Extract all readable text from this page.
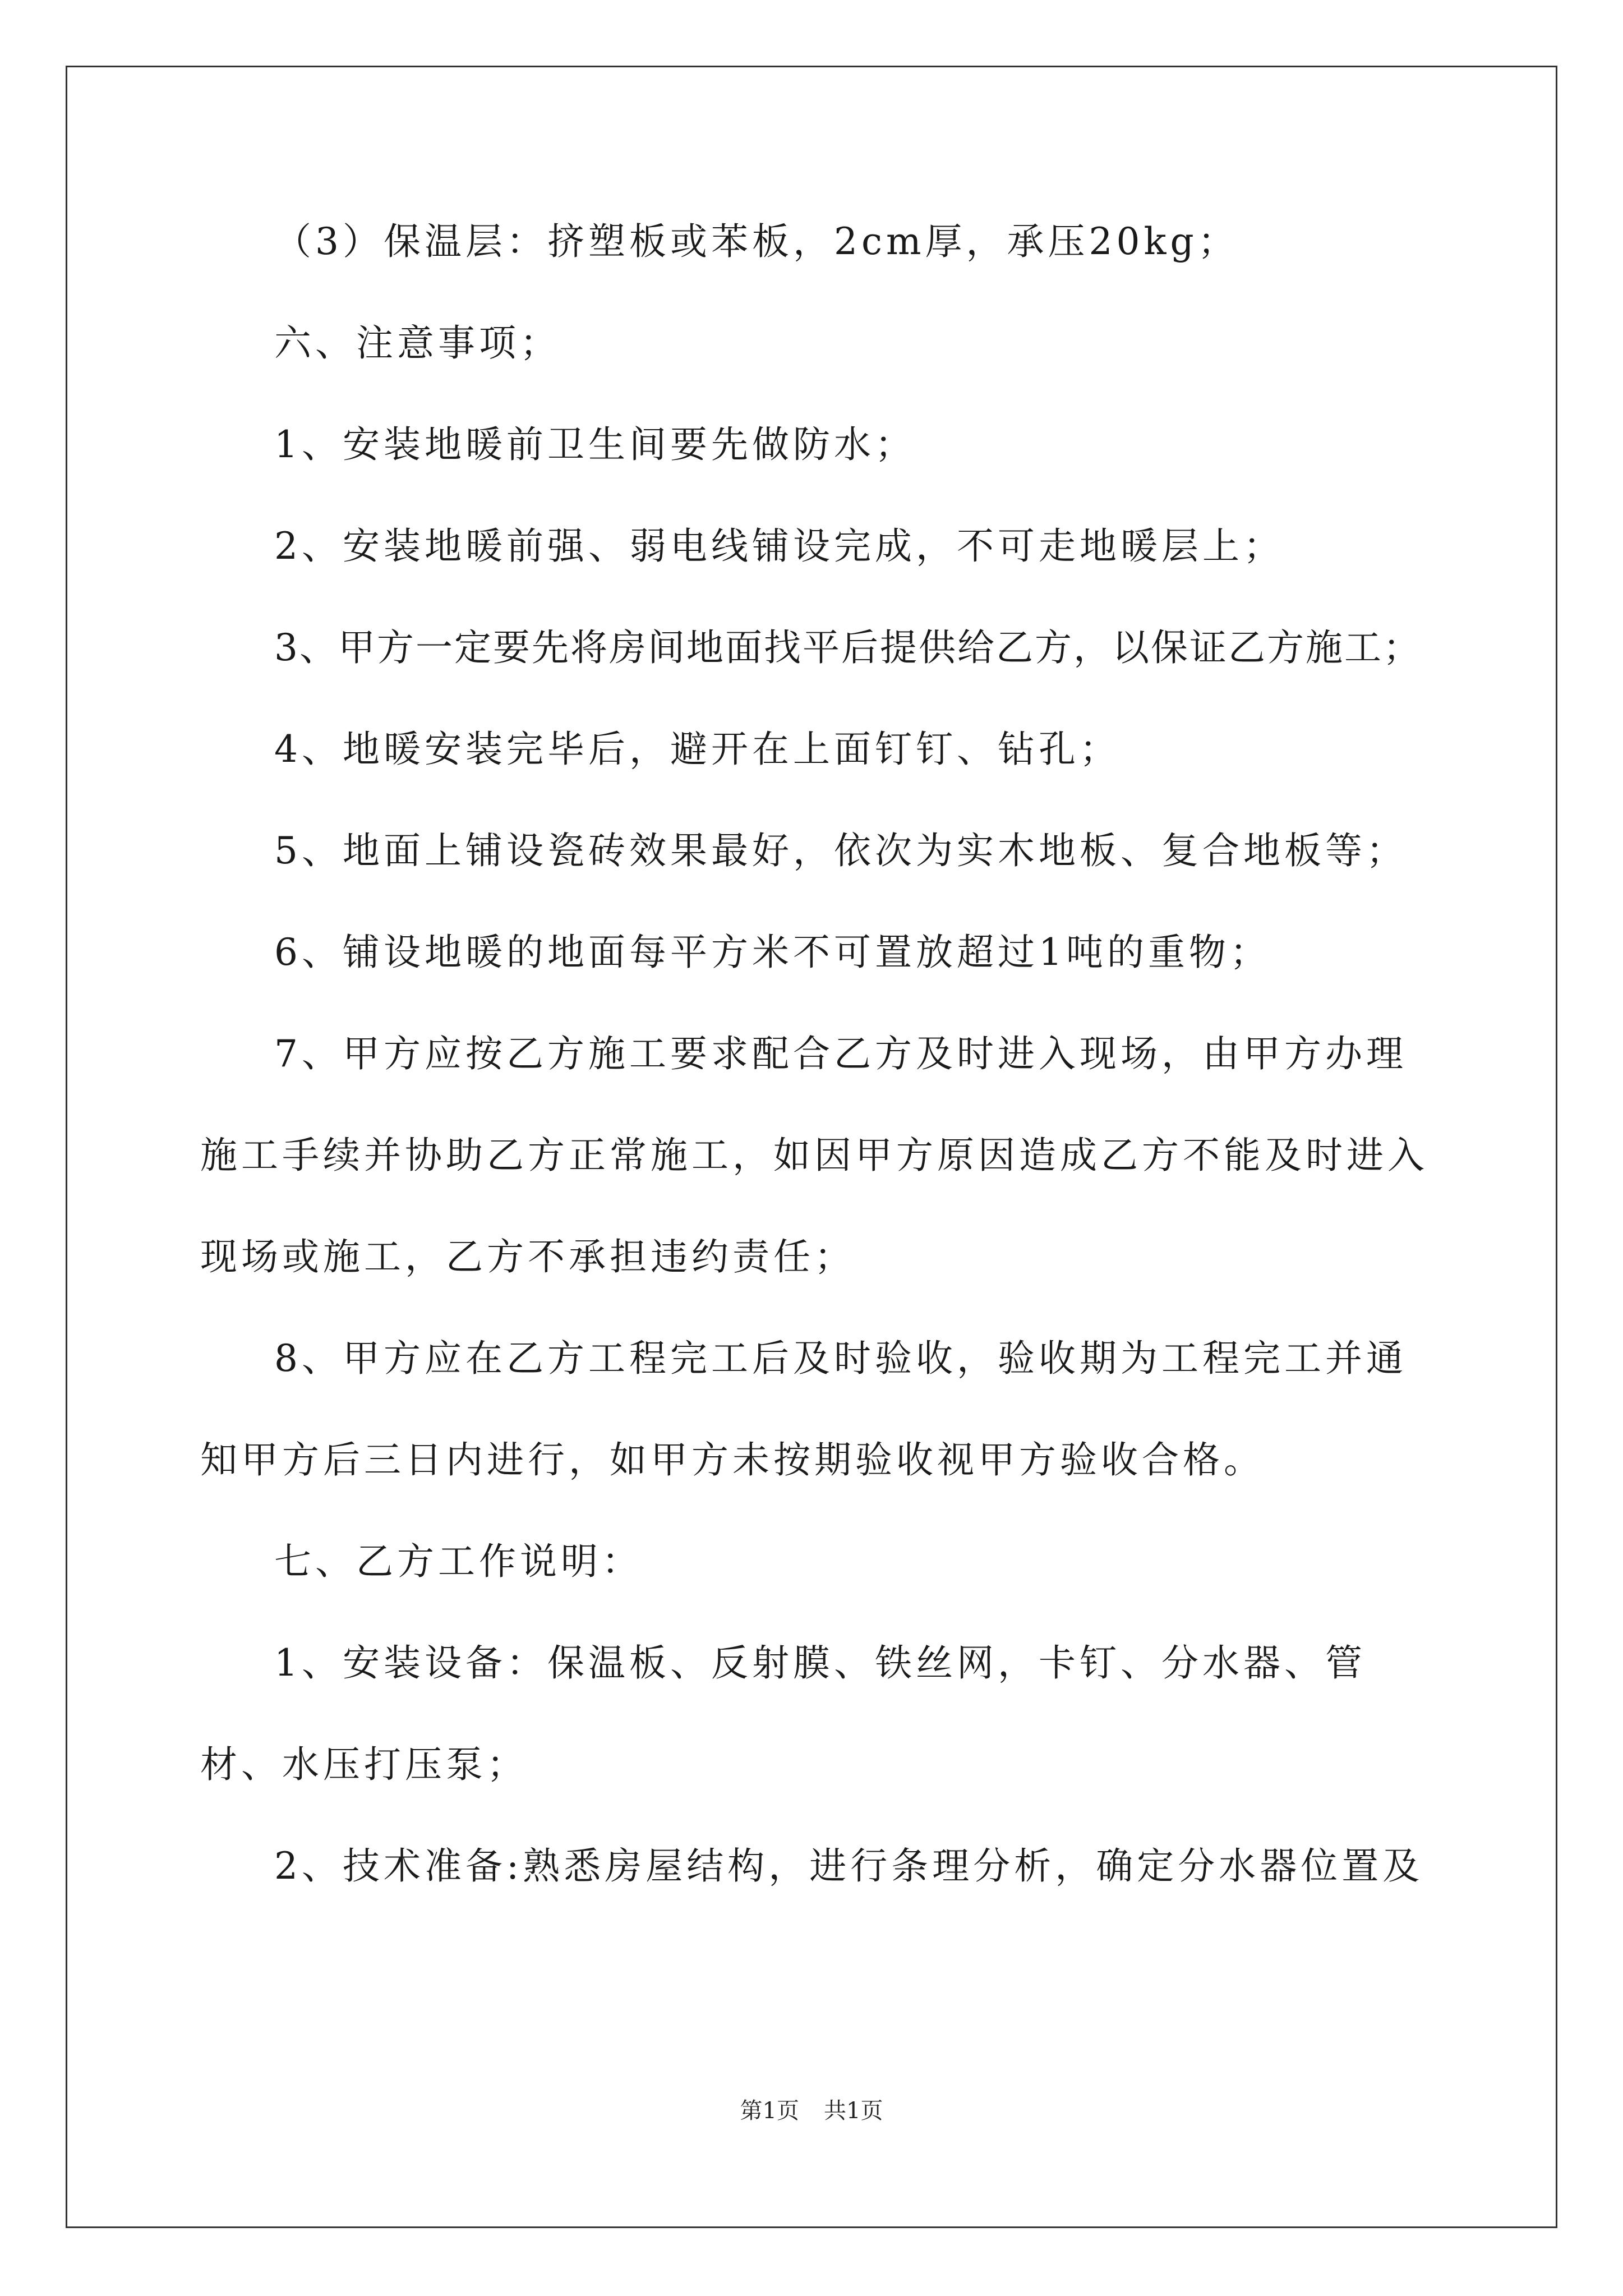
（3）保温层：挤塑板或苯板，2cm厚，承压20kg；

六、注意事项；

1、安装地暖前卫生间要先做防水；

2、安装地暖前强、弱电线铺设完成，不可走地暖层上；

3、甲方一定要先将房间地面找平后提供给乙方，以保证乙方施工；

4、地暖安装完毕后，避开在上面钉钉、钻孔；

5、地面上铺设瓷砖效果最好，依次为实木地板、复合地板等；

6、铺设地暖的地面每平方米不可置放超过1吨的重物；

7、甲方应按乙方施工要求配合乙方及时进入现场，由甲方办理施工手续并协助乙方正常施工，如因甲方原因造成乙方不能及时进入现场或施工，乙方不承担违约责任；

8、甲方应在乙方工程完工后及时验收，验收期为工程完工并通知甲方后三日内进行，如甲方未按期验收视甲方验收合格。

七、乙方工作说明：

1、安装设备：保温板、反射膜、铁丝网，卡钉、分水器、管材、水压打压泵；

2、技术准备:熟悉房屋结构，进行条理分析，确定分水器位置及

第1页 共1页
